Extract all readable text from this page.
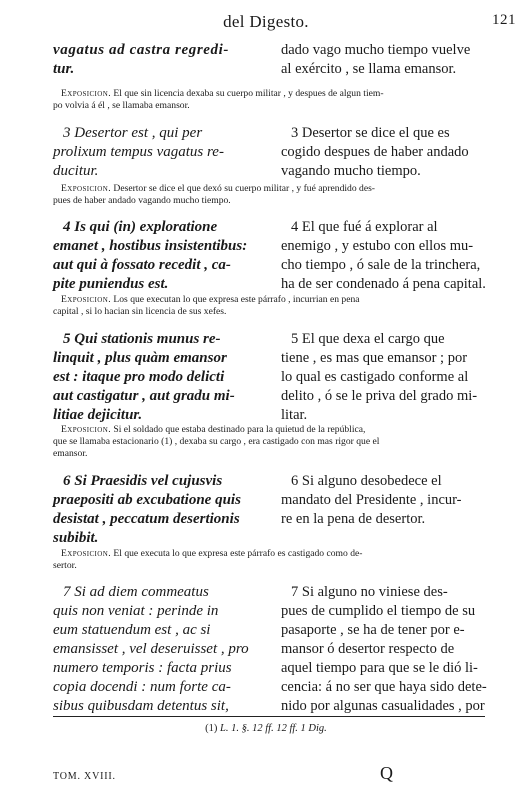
del Digesto.	121
vagatus ad castra regredi-
tur.
dado vago mucho tiempo vuelve
al exército , se llama emansor.
Exposicion. El que sin licencia dexaba su cuerpo militar , y despues de algun tiem-
po volvia á él , se llamaba emansor.
3 Desertor est , qui per
prolixum tempus vagatus re-
ducitur.
3 Desertor se dice el que es
cogido despues de haber andado
vagando mucho tiempo.
Exposicion. Desertor se dice el que dexó su cuerpo militar , y fué aprendido des-
pues de haber andado vagando mucho tiempo.
4 Is qui (in) exploratione
emanet , hostibus insistentibus:
aut qui à fossato recedit , ca-
pite puniendus est.
4 El que fué á explorar al
enemigo , y estubo con ellos mu-
cho tiempo , ó sale de la trinchera,
ha de ser condenado á pena capital.
Exposicion. Los que executan lo que expresa este párrafo , incurrian en pena
capital , si lo hacian sin licencia de sus xefes.
5 Qui stationis munus re-
linquit , plus quàm emansor
est : itaque pro modo delicti
aut castigatur , aut gradu mi-
litiae dejicitur.
5 El que dexa el cargo que
tiene , es mas que emansor ; por
lo qual es castigado conforme al
delito , ó se le priva del grado mi-
litar.
Exposicion. Si el soldado que estaba destinado para la quietud de la república,
que se llamaba estacionario (1) , dexaba su cargo , era castigado con mas rigor que el
emansor.
6 Si Praesidis vel cujusvis
praepositi ab excubatione quis
desistat , peccatum desertionis
subibit.
6 Si alguno desobedece el
mandato del Presidente , incur-
re en la pena de desertor.
Exposicion. El que executa lo que expresa este párrafo es castigado como de-
sertor.
7 Si ad diem commeatus
quis non veniat : perinde in
eum statuendum est , ac si
emansisset , vel deseruisset , pro
numero temporis : facta prius
copia docendi : num forte ca-
sibus quibusdam detentus sit,
7 Si alguno no viniese des-
pues de cumplido el tiempo de su
pasaporte , se ha de tener por e-
mansor ó desertor respecto de
aquel tiempo para que se le dió li-
cencia: á no ser que haya sido dete-
nido por algunas casualidades , por
(1) L. 1. §. 12 ff. 12 ff. 1 Dig.
TOM. XVIII.	Q
